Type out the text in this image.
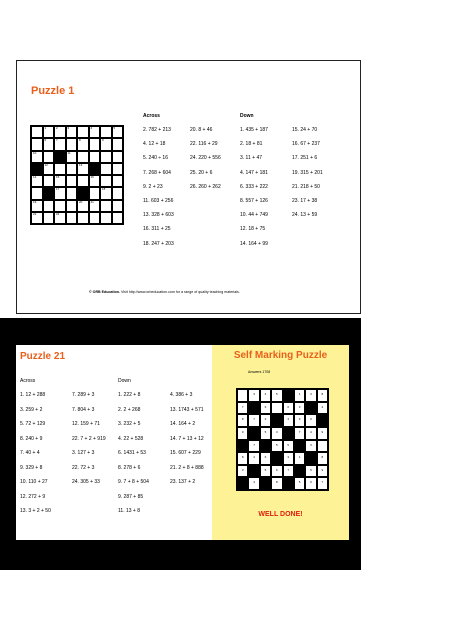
Puzzle 1
1	2	3	4	5
6	7	8	9
10	11
12	13
14	15	16
17	18
19	20	21
22	23
Across	Down
2. 782 + 213
4. 12 + 18
5. 240 ÷ 16
7. 268 + 604
9. 2 + 23
11. 603 + 256
13. 328 + 603
16. 311 + 25
18. 247 + 203
20. 8 + 46
22. 116 + 29
24. 220 + 556
25. 20 + 6
26. 260 + 262
1. 435 + 187
2. 18 + 81
3. 11 + 47
4. 147 + 181
6. 333 + 222
8. 557 + 126
10. 44 + 749
12. 18 + 75
14. 164 + 99
15. 24 + 70
16. 67 + 237
17. 251 + 6
19. 315 + 201
21. 218 + 50
23. 17 + 38
24. 13 + 59
© ORB Education. Visit http://www.orbeducation.com for a range of quality teaching materials.
Puzzle 21
Across	Down
1. 12 + 288
3. 259 + 2
5. 72 + 129
8. 240 + 9
7. 40 + 4
9. 329 + 8
10. 110 + 27
12. 272 + 9
13. 3 + 2 + 50
7. 289 + 3
7. 804 + 3
12. 159 + 71
22. 7 + 2 + 919
3. 127 + 3
22. 72 + 3
24. 305 + 33
1. 222 + 8
2. 2 + 268
3. 232 + 5
4. 22 + 528
6. 1431 + 53
8. 278 + 6
9. 7 + 8 + 504
9. 287 + 85
11. 13 + 8
4. 386 + 3
13. 1743 + 571
14. 164 + 2
14. 7 + 13 + 12
15. 607 + 229
21. 2 + 8 + 888
23. 137 + 2
Self Marking Puzzle
Answers 1708
3	4	5	1	3	8
7	6	0	3	4
8	7	2	4	9	0
0	5	3	7	4	9
7	5	5	3
8	4	6	3	1	8
3	5	6	7	5	9
4	8	5	0	7
WELL DONE!
